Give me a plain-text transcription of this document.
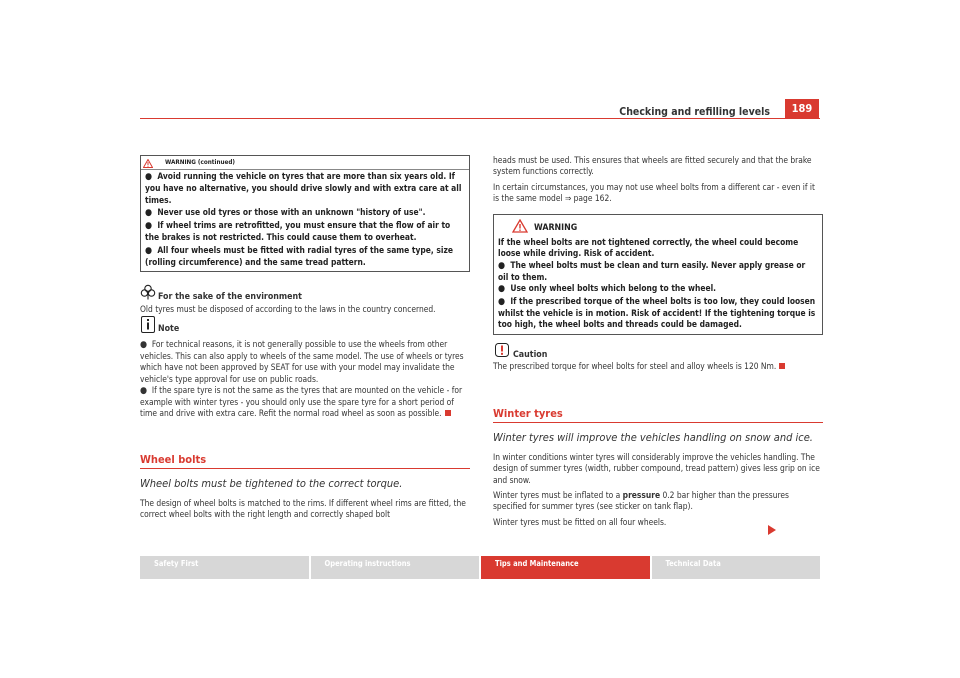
Checking and refilling levels	189
WARNING (continued)

● Avoid running the vehicle on tyres that are more than six years old. If you have no alternative, you should drive slowly and with extra care at all times.

● Never use old tyres or those with an unknown "history of use".

● If wheel trims are retrofitted, you must ensure that the flow of air to the brakes is not restricted. This could cause them to overheat.

● All four wheels must be fitted with radial tyres of the same type, size (rolling circumference) and the same tread pattern.

For the sake of the environment

Old tyres must be disposed of according to the laws in the country concerned.

Note

● For technical reasons, it is not generally possible to use the wheels from other vehicles. This can also apply to wheels of the same model. The use of wheels or tyres which have not been approved by SEAT for use with your model may invalidate the vehicle's type approval for use on public roads.

● If the spare tyre is not the same as the tyres that are mounted on the vehicle - for example with winter tyres - you should only use the spare tyre for a short period of time and drive with extra care. Refit the normal road wheel as soon as possible.

Wheel bolts
Wheel bolts must be tightened to the correct torque.

The design of wheel bolts is matched to the rims. If different wheel rims are fitted, the correct wheel bolts with the right length and correctly shaped bolt

heads must be used. This ensures that wheels are fitted securely and that the brake system functions correctly.

In certain circumstances, you may not use wheel bolts from a different car - even if it is the same model ⇒ page 162.

WARNING

If the wheel bolts are not tightened correctly, the wheel could become loose while driving. Risk of accident.

● The wheel bolts must be clean and turn easily. Never apply grease or oil to them.

● Use only wheel bolts which belong to the wheel.

● If the prescribed torque of the wheel bolts is too low, they could loosen whilst the vehicle is in motion. Risk of accident! If the tightening torque is too high, the wheel bolts and threads could be damaged.

Caution

The prescribed torque for wheel bolts for steel and alloy wheels is 120 Nm.

Winter tyres
Winter tyres will improve the vehicles handling on snow and ice.

In winter conditions winter tyres will considerably improve the vehicles handling. The design of summer tyres (width, rubber compound, tread pattern) gives less grip on ice and snow.

Winter tyres must be inflated to a pressure 0.2 bar higher than the pressures specified for summer tyres (see sticker on tank flap).

Winter tyres must be fitted on all four wheels.

Safety First	Operating instructions	Tips and Maintenance	Technical Data
